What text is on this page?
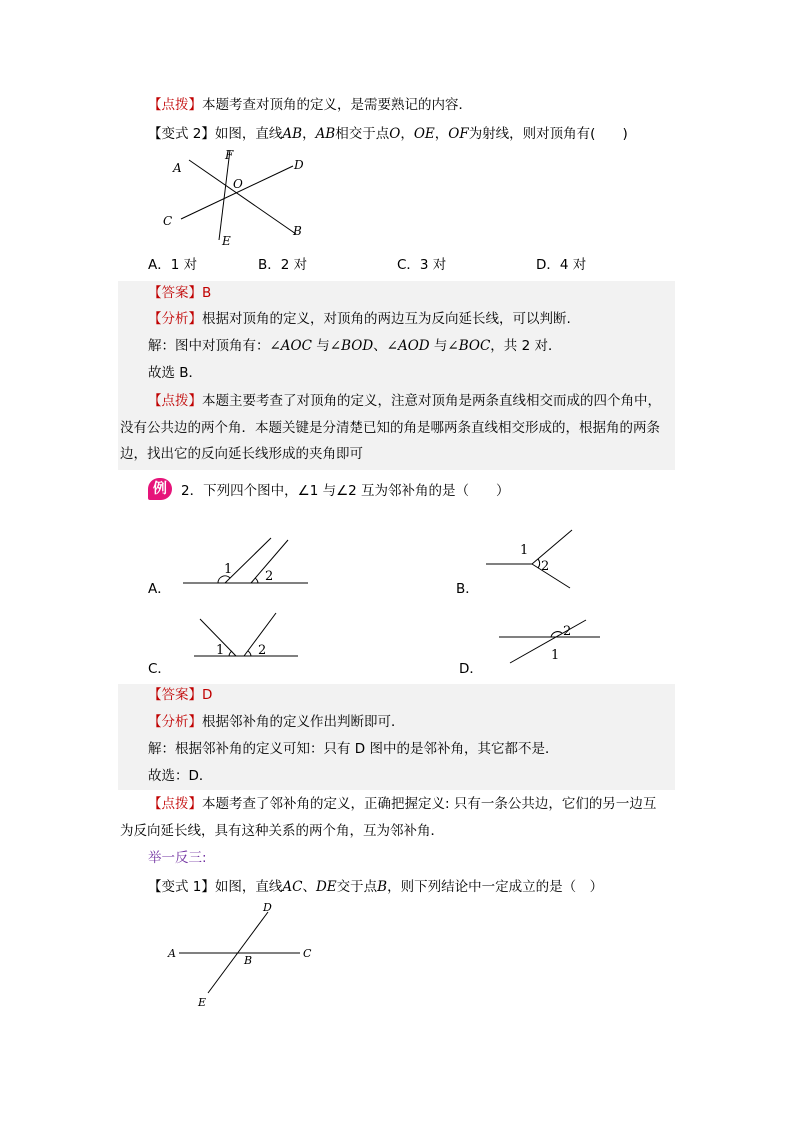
【点拨】本题考查对顶角的定义，是需要熟记的内容．
【变式 2】如图，直线AB，AB相交于点O，OE，OF为射线，则对顶角有(　　)
A
F
O
D
C
E
B
A．1 对	B．2 对	C．3 对	D．4 对
【答案】B
【分析】根据对顶角的定义，对顶角的两边互为反向延长线，可以判断.
解：图中对顶角有：∠AOC 与∠BOD、∠AOD 与∠BOC，共 2 对．
故选 B．
【点拨】本题主要考查了对顶角的定义，注意对顶角是两条直线相交而成的四个角中，
没有公共边的两个角．本题关键是分清楚已知的角是哪两条直线相交形成的，根据角的两条
边，找出它的反向延长线形成的夹角即可
例	2．下列四个图中，∠1 与∠2 互为邻补角的是（　　）
A．
1	2
B．
1
2
C．
1	2
D．
2
1
【答案】D
【分析】根据邻补角的定义作出判断即可．
解：根据邻补角的定义可知：只有 D 图中的是邻补角，其它都不是．
故选：D．
【点拨】本题考查了邻补角的定义，正确把握定义: 只有一条公共边，它们的另一边互
为反向延长线，具有这种关系的两个角，互为邻补角．
举一反三:
【变式 1】如图，直线AC、DE交于点B，则下列结论中一定成立的是（　）
D
A
B
C
E
